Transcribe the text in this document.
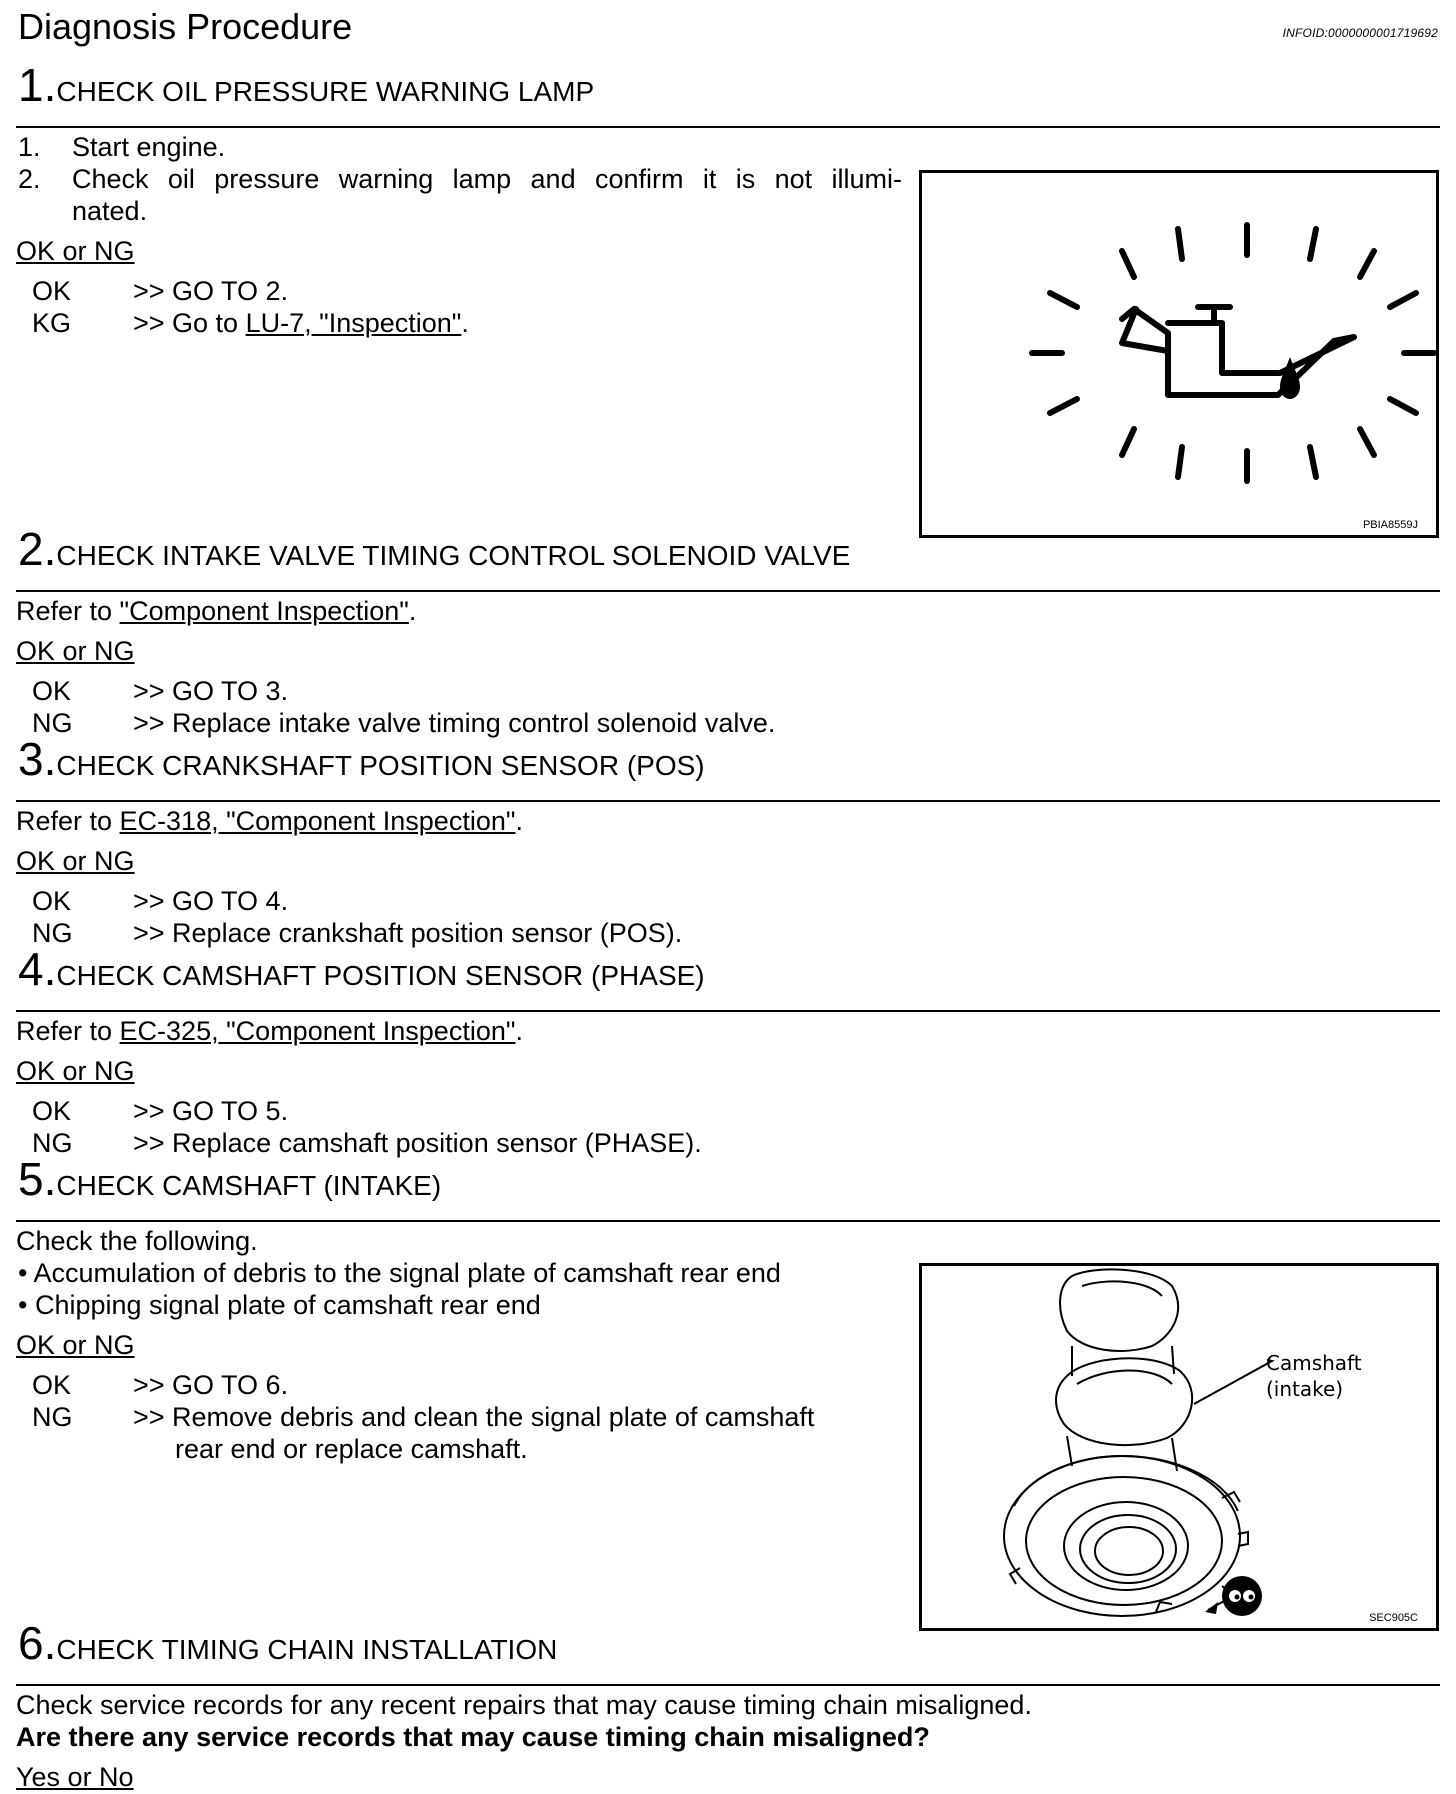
Diagnosis Procedure	INFOID:0000000001719692
1.CHECK OIL PRESSURE WARNING LAMP
1. Start engine.
2. Check oil pressure warning lamp and confirm it is not illumi-
nated.
OK or NG
OK >> GO TO 2.
KG >> Go to LU-7, "Inspection".
PBIA8559J
2.CHECK INTAKE VALVE TIMING CONTROL SOLENOID VALVE
Refer to "Component Inspection".
OK or NG
OK >> GO TO 3.
NG >> Replace intake valve timing control solenoid valve.
3.CHECK CRANKSHAFT POSITION SENSOR (POS)
Refer to EC-318, "Component Inspection".
OK or NG
OK >> GO TO 4.
NG >> Replace crankshaft position sensor (POS).
4.CHECK CAMSHAFT POSITION SENSOR (PHASE)
Refer to EC-325, "Component Inspection".
OK or NG
OK >> GO TO 5.
NG >> Replace camshaft position sensor (PHASE).
5.CHECK CAMSHAFT (INTAKE)
Check the following.
• Accumulation of debris to the signal plate of camshaft rear end
• Chipping signal plate of camshaft rear end
OK or NG
OK >> GO TO 6.
NG >> Remove debris and clean the signal plate of camshaft
rear end or replace camshaft.
Camshaft
(intake)
SEC905C
6.CHECK TIMING CHAIN INSTALLATION
Check service records for any recent repairs that may cause timing chain misaligned.
Are there any service records that may cause timing chain misaligned?
Yes or No
